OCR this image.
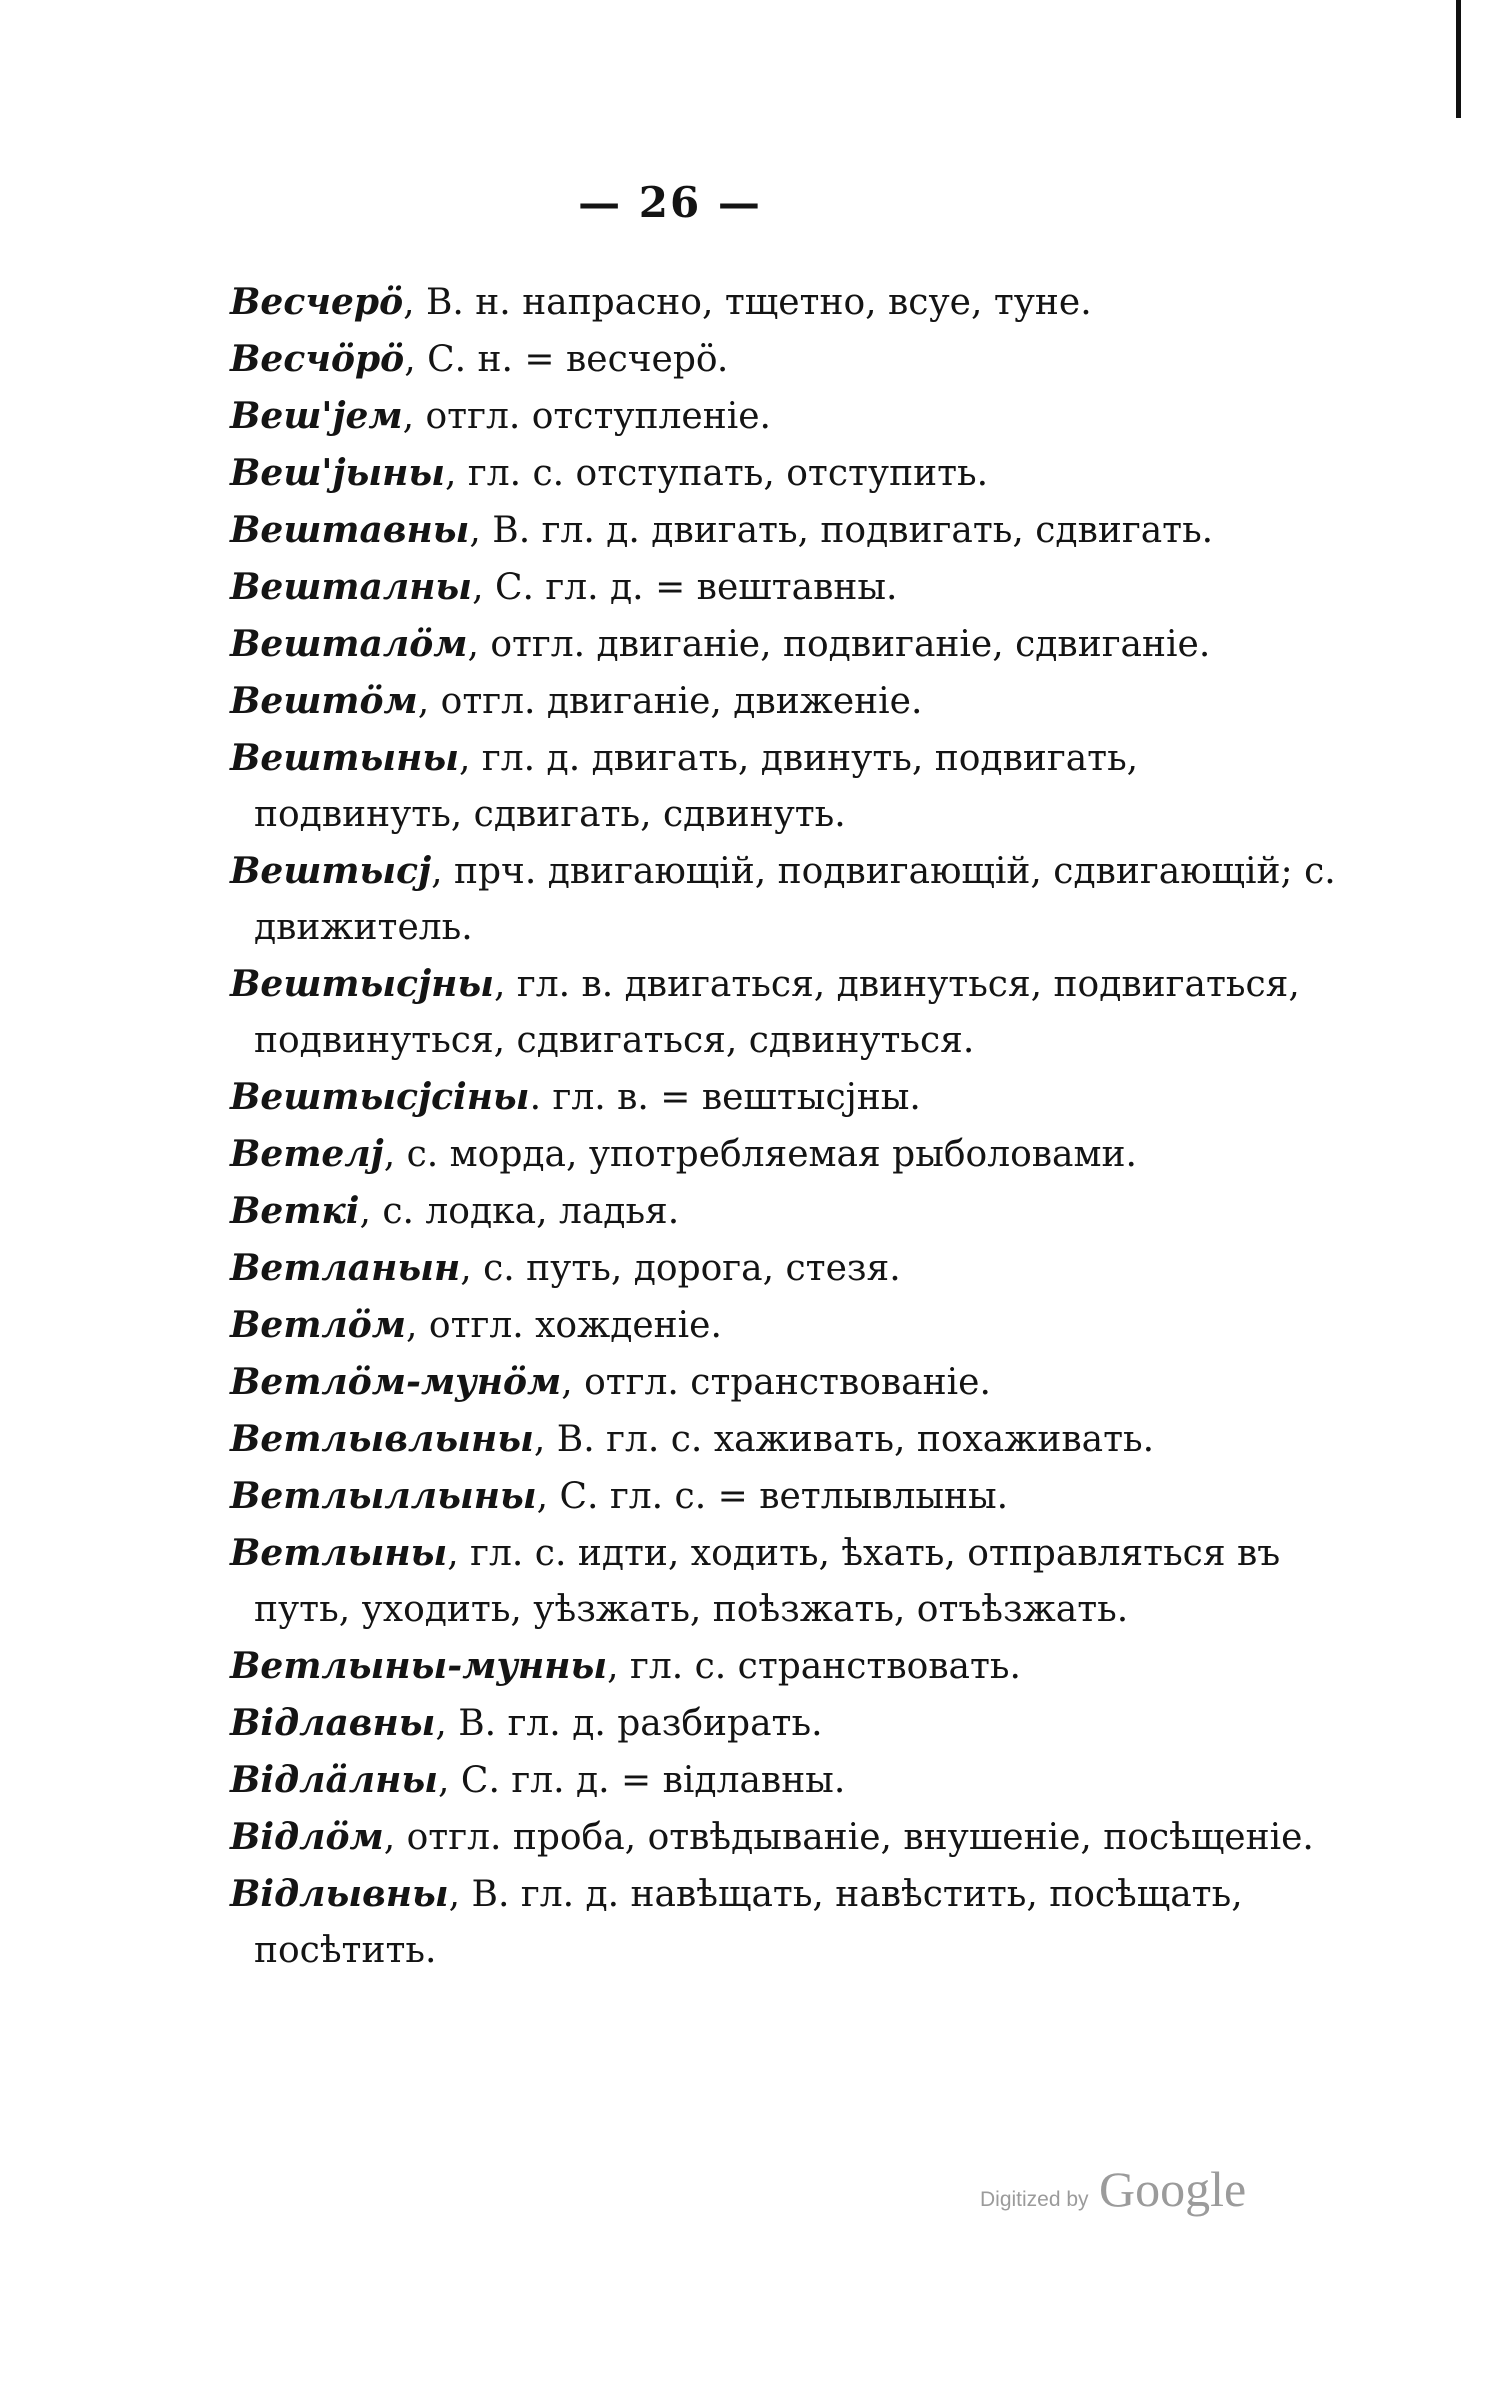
— 26 —
Весчерö, В. н. напрасно, тщетно, всуе, туне.
Весчöрö, С. н. = весчерö.
Веш'јем, отгл. отступленіе.
Веш'јыны, гл. с. отступать, отступить.
Вештавны, В. гл. д. двигать, подвигать, сдвигать.
Вешталны, С. гл. д. = вештавны.
Вешталöм, отгл. двиганіе, подвиганіе, сдвиганіе.
Вештöм, отгл. двиганіе, движеніе.
Вештыны, гл. д. двигать, двинуть, подвигать, подвинуть, сдвигать, сдвинуть.
Вештысј, прч. двигающій, подвигающій, сдвигающій; с. движитель.
Вештысјны, гл. в. двигаться, двинуться, подвигаться, подвинуться, сдвигаться, сдвинуться.
Вештысјсіны. гл. в. = вештысјны.
Ветелј, с. морда, употребляемая рыболовами.
Веткі, с. лодка, ладья.
Ветланын, с. путь, дорога, стезя.
Ветлöм, отгл. хожденіе.
Ветлöм-мунöм, отгл. странствованіе.
Ветлывлыны, В. гл. с. хаживать, похаживать.
Ветлыллыны, С. гл. с. = ветлывлыны.
Ветлыны, гл. с. идти, ходить, ѣхать, отправляться въ путь, уходить, уѣзжать, поѣзжать, отъѣзжать.
Ветлыны-мунны, гл. с. странствовать.
Відлавны, В. гл. д. разбирать.
Відлäлны, С. гл. д. = відлавны.
Відлöм, отгл. проба, отвѣдываніе, внушеніе, посѣщеніе.
Відлывны, В. гл. д. навѣщать, навѣстить, посѣщать, посѣтить.
Digitized by Google
